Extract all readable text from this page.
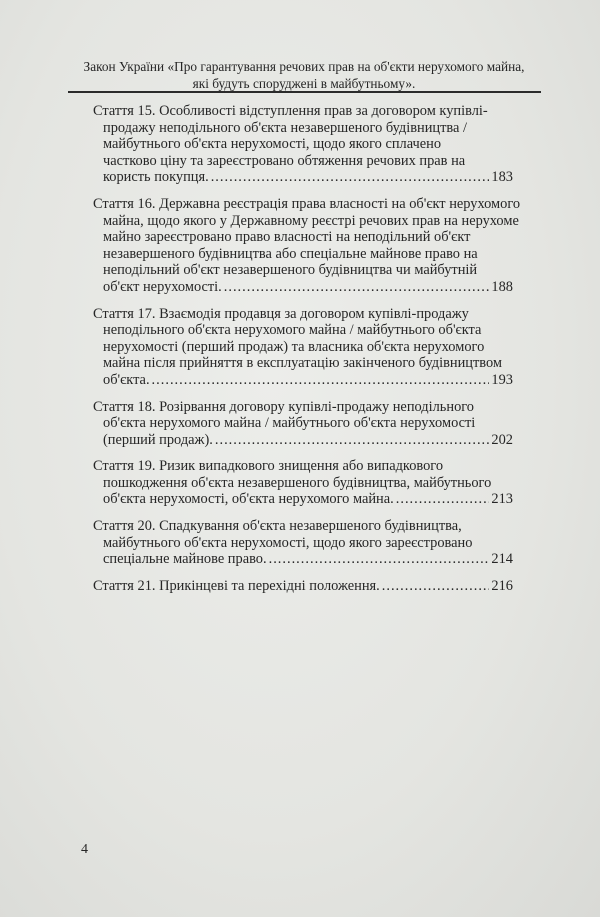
Закон України «Про гарантування речових прав на об'єкти нерухомого майна,
які будуть споруджені в майбутньому».
Стаття 15. Особливості відступлення прав за договором купівлі-
продажу неподільного об'єкта незавершеного будівництва /
майбутнього об'єкта нерухомості, щодо якого сплачено
частково ціну та зареєстровано обтяження речових прав на
користь покупця. .....	183
Стаття 16. Державна реєстрація права власності на об'єкт нерухомого
майна, щодо якого у Державному реєстрі речових прав на нерухоме
майно зареєстровано право власності на неподільний об'єкт
незавершеного будівництва або спеціальне майнове право на
неподільний об'єкт незавершеного будівництва чи майбутній
об'єкт нерухомості. .....	188
Стаття 17. Взаємодія продавця за договором купівлі-продажу
неподільного об'єкта нерухомого майна / майбутнього об'єкта
нерухомості (перший продаж) та власника об'єкта нерухомого
майна після прийняття в експлуатацію закінченого будівництвом
об'єкта. .....	193
Стаття 18. Розірвання договору купівлі-продажу неподільного
об'єкта нерухомого майна / майбутнього об'єкта нерухомості
(перший продаж). .....	202
Стаття 19. Ризик випадкового знищення або випадкового
пошкодження об'єкта незавершеного будівництва, майбутнього
об'єкта нерухомості, об'єкта нерухомого майна. .....	213
Стаття 20. Спадкування об'єкта незавершеного будівництва,
майбутнього об'єкта нерухомості, щодо якого зареєстровано
спеціальне майнове право. .....	214
Стаття 21. Прикінцеві та перехідні положення. .....	216
4
